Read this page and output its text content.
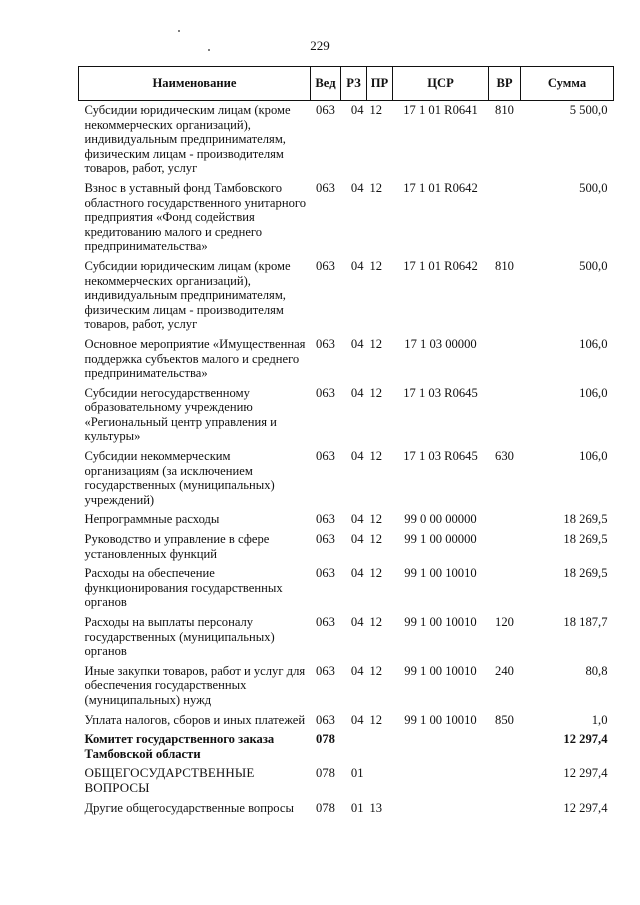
229
Наименование	Вед	РЗ	ПР	ЦСР	ВР	Сумма
Субсидии юридическим лицам (кроме некоммерческих организаций), индивидуальным предпринимателям, физическим лицам - производителям товаров, работ, услуг	063	04	12	17 1 01 R0641	810	5 500,0
Взнос в уставный фонд Тамбовского областного государственного унитарного предприятия «Фонд содействия кредитованию малого и среднего предпринимательства»	063	04	12	17 1 01 R0642		500,0
Субсидии юридическим лицам (кроме некоммерческих организаций), индивидуальным предпринимателям, физическим лицам - производителям товаров, работ, услуг	063	04	12	17 1 01 R0642	810	500,0
Основное мероприятие «Имущественная поддержка субъектов малого и среднего предпринимательства»	063	04	12	17 1 03 00000		106,0
Субсидии негосударственному образовательному учреждению «Региональный центр управления и культуры»	063	04	12	17 1 03 R0645		106,0
Субсидии некоммерческим организациям (за исключением государственных (муниципальных) учреждений)	063	04	12	17 1 03 R0645	630	106,0
Непрограммные расходы	063	04	12	99 0 00 00000		18 269,5
Руководство и управление в сфере установленных функций	063	04	12	99 1 00 00000		18 269,5
Расходы на обеспечение функционирования государственных органов	063	04	12	99 1 00 10010		18 269,5
Расходы на выплаты персоналу государственных (муниципальных) органов	063	04	12	99 1 00 10010	120	18 187,7
Иные закупки товаров, работ и услуг для обеспечения государственных (муниципальных) нужд	063	04	12	99 1 00 10010	240	80,8
Уплата налогов, сборов и иных платежей	063	04	12	99 1 00 10010	850	1,0
Комитет государственного заказа Тамбовской области	078					12 297,4
ОБЩЕГОСУДАРСТВЕННЫЕ ВОПРОСЫ	078	01				12 297,4
Другие общегосударственные вопросы	078	01	13			12 297,4
